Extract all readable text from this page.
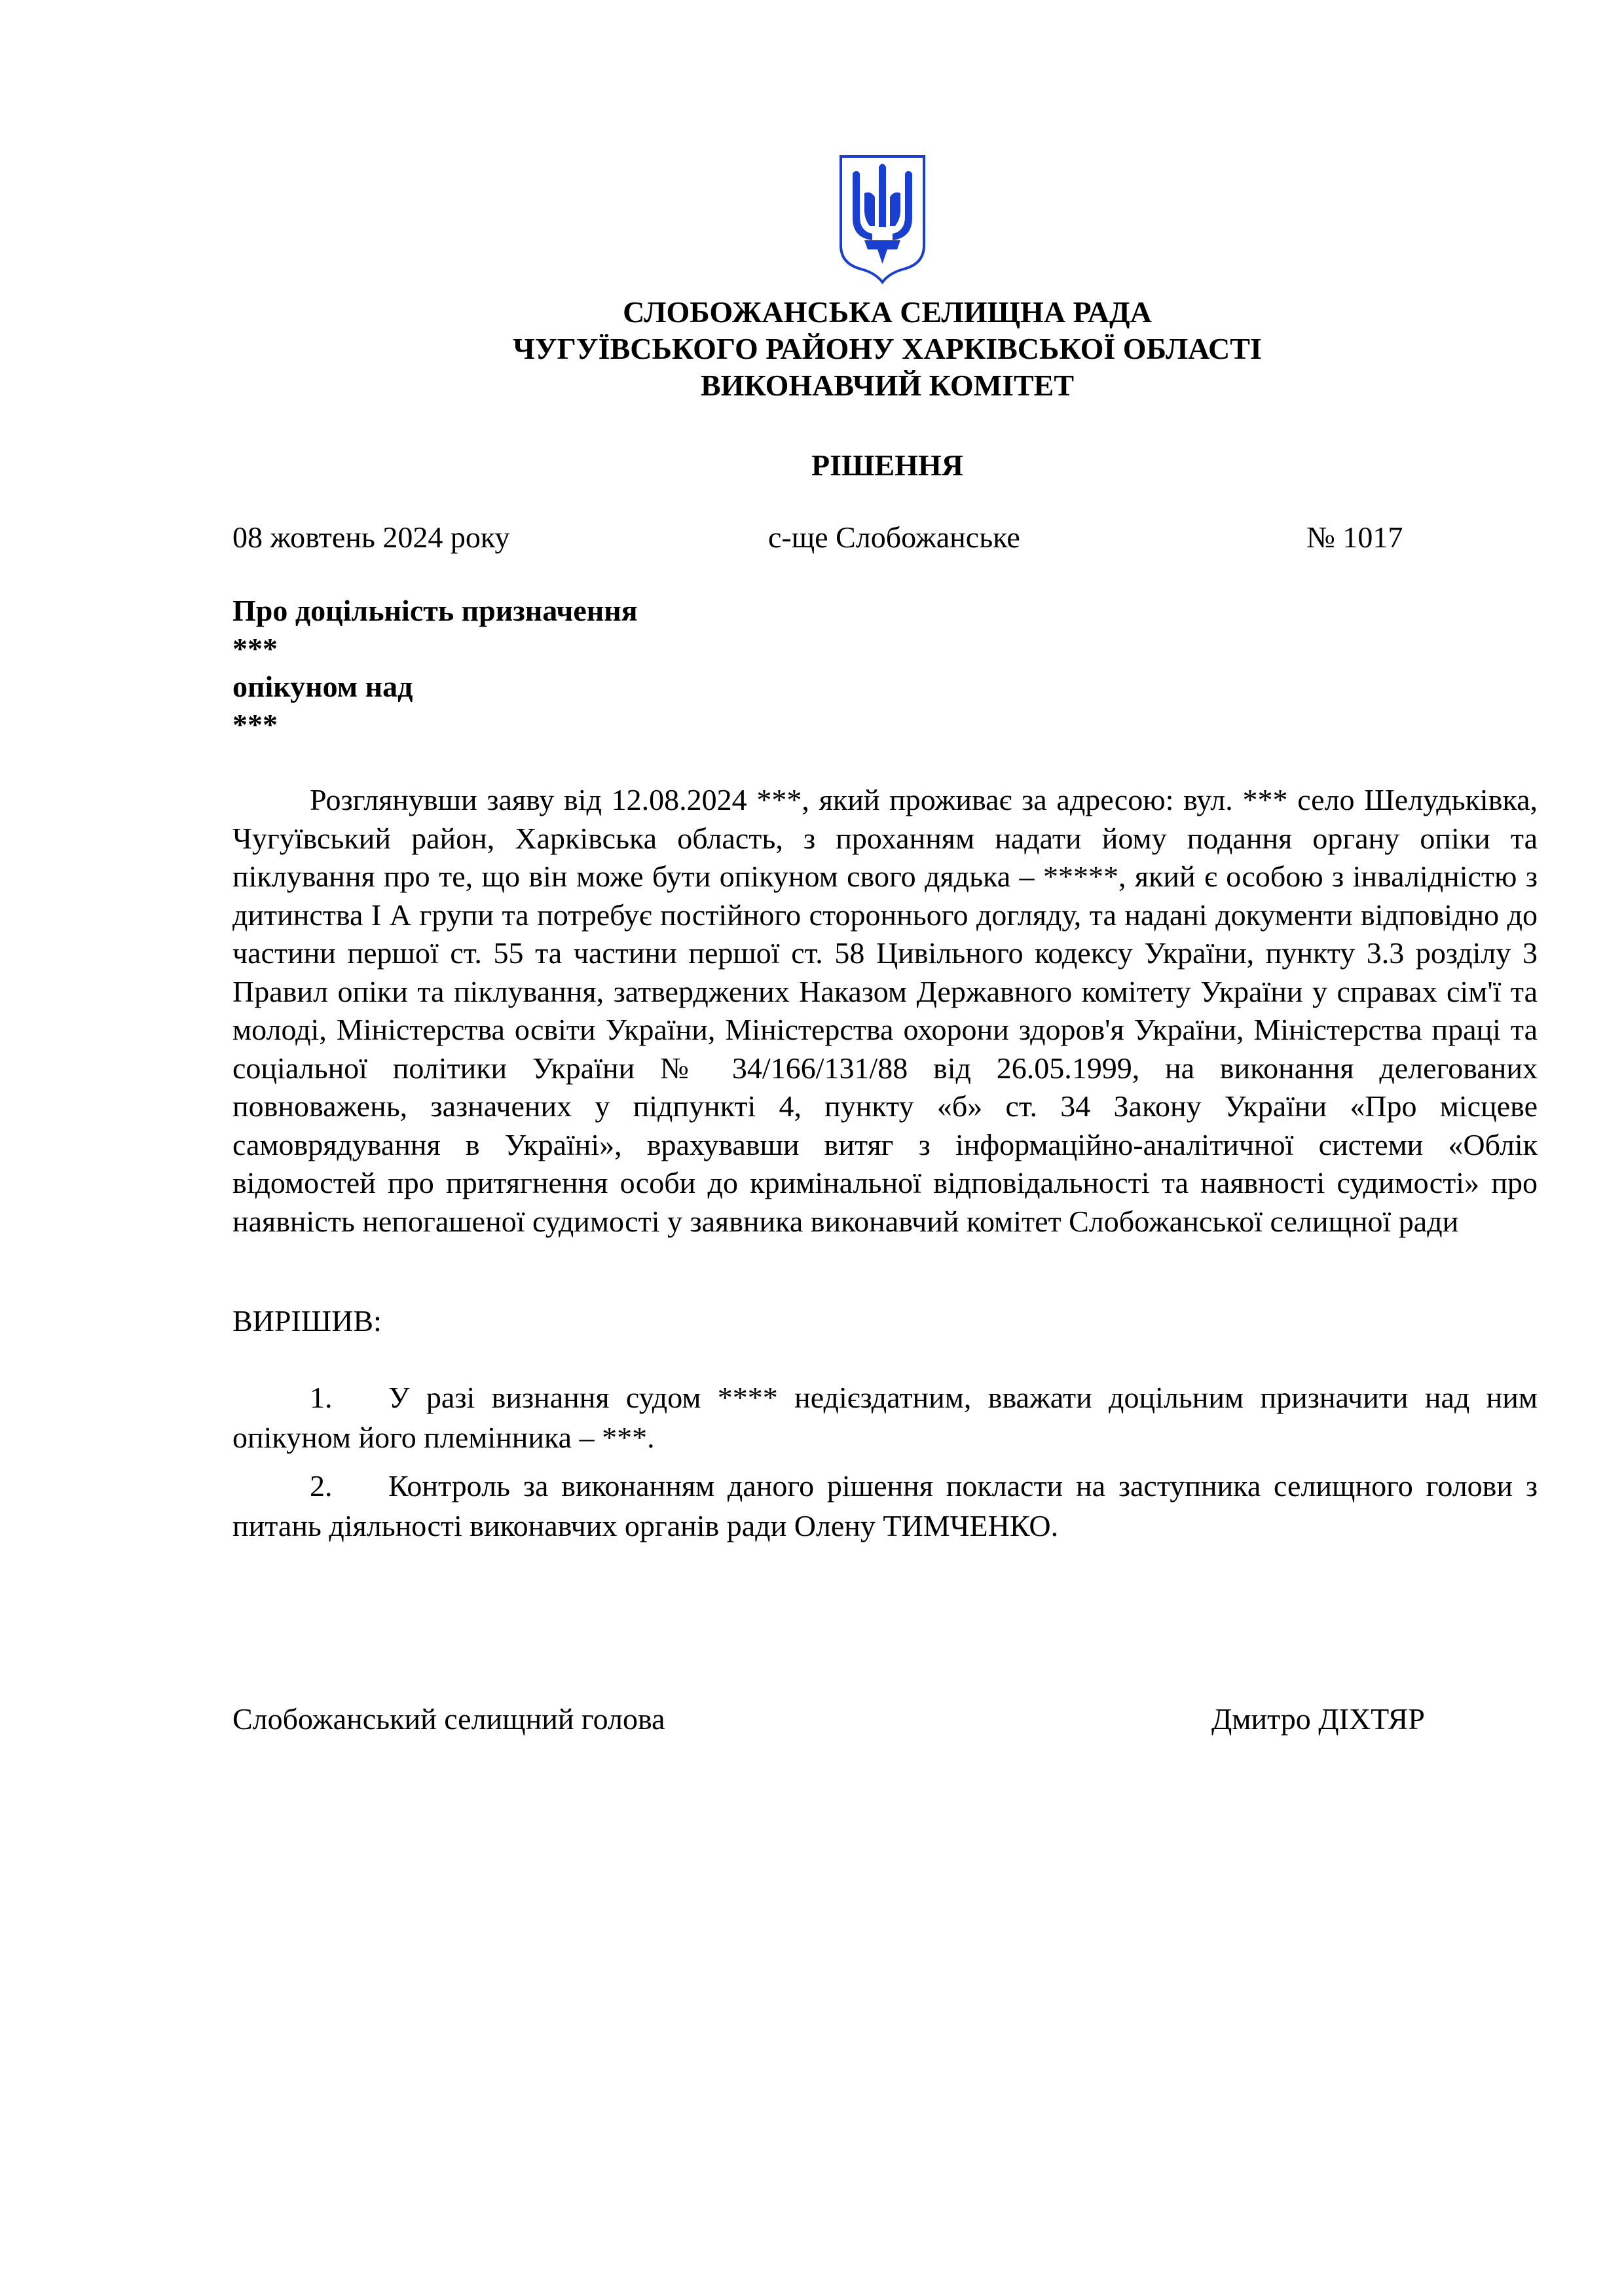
СЛОБОЖАНСЬКА СЕЛИЩНА РАДА
ЧУГУЇВСЬКОГО РАЙОНУ ХАРКІВСЬКОЇ ОБЛАСТІ
ВИКОНАВЧИЙ КОМІТЕТ
РІШЕННЯ
08 жовтень 2024 року	с-ще Слобожанське	№ 1017
Про доцільність призначення
***
опікуном над
***

Розглянувши заяву від 12.08.2024 ***, який проживає за адресою: вул. *** село Шелудьківка, Чугуївський район, Харківська область, з проханням надати йому подання органу опіки та піклування про те, що він може бути опікуном свого дядька – *****, який є особою з інвалідністю з дитинства І А групи та потребує постійного стороннього догляду, та надані документи відповідно до частини першої ст. 55 та частини першої ст. 58 Цивільного кодексу України, пункту 3.3 розділу 3 Правил опіки та піклування, затверджених Наказом Державного комітету України у справах сім'ї та молоді, Міністерства освіти України, Міністерства охорони здоров'я України, Міністерства праці та соціальної політики України № 34/166/131/88 від 26.05.1999, на виконання делегованих повноважень, зазначених у підпункті 4, пункту «б» ст. 34 Закону України «Про місцеве самоврядування в Україні», врахувавши витяг з інформаційно-аналітичної системи «Облік відомостей про притягнення особи до кримінальної відповідальності та наявності судимості» про наявність непогашеної судимості у заявника виконавчий комітет Слобожанської селищної ради

ВИРІШИВ:

1. У разі визнання судом **** недієздатним, вважати доцільним призначити над ним опікуном його племінника – ***.

2. Контроль за виконанням даного рішення покласти на заступника селищного голови з питань діяльності виконавчих органів ради Олену ТИМЧЕНКО.

Слобожанський селищний голова	Дмитро ДІХТЯР
